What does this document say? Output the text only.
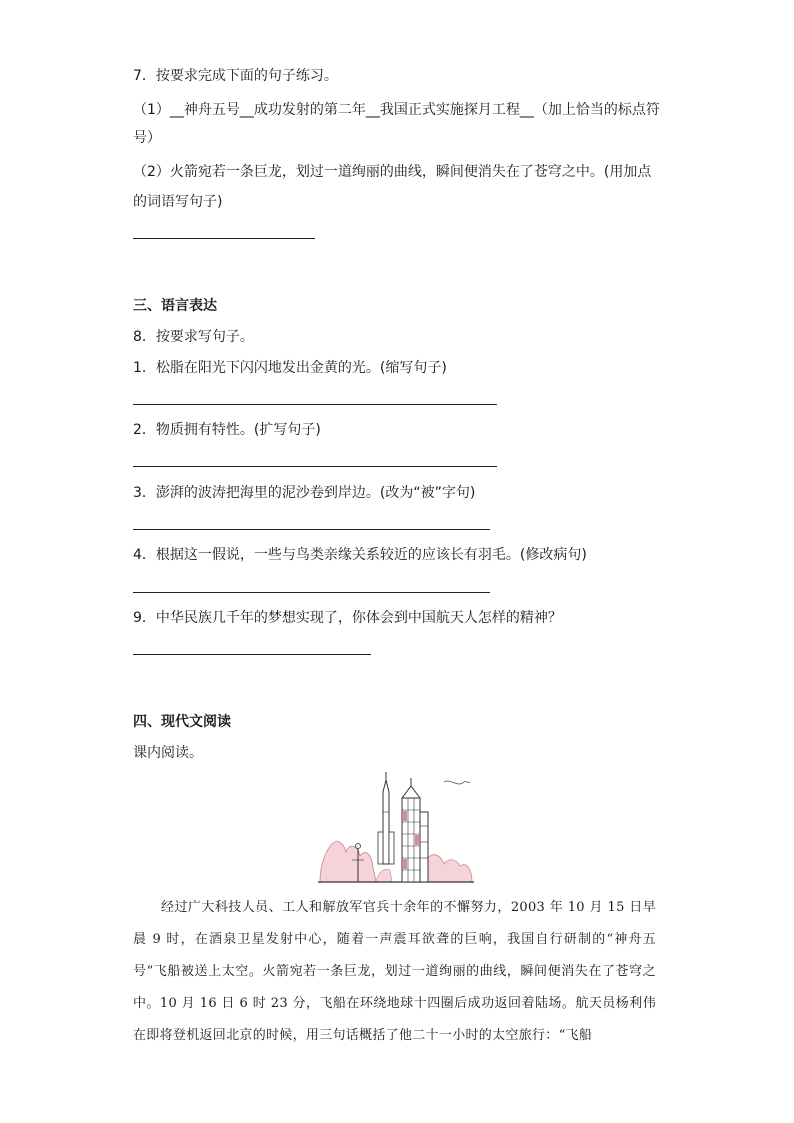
7．按要求完成下面的句子练习。
（1）__神舟五号__成功发射的第二年__我国正式实施探月工程__（加上恰当的标点符
号）
（2）火箭宛若一条巨龙，划过一道绚丽的曲线，瞬间便消失在了苍穹之中。(用加点
的词语写句子)
三、语言表达
8．按要求写句子。
1．松脂在阳光下闪闪地发出金黄的光。(缩写句子)
2．物质拥有特性。(扩写句子)
3．澎湃的波涛把海里的泥沙卷到岸边。(改为“被”字句)
4．根据这一假说，一些与鸟类亲缘关系较近的应该长有羽毛。(修改病句)
9．中华民族几千年的梦想实现了，你体会到中国航天人怎样的精神？
四、现代文阅读
课内阅读。

经过广大科技人员、工人和解放军官兵十余年的不懈努力，2003 年 10 月 15 日早晨 9 时，在酒泉卫星发射中心，随着一声震耳欲聋的巨响，我国自行研制的“神舟五号”飞船被送上太空。火箭宛若一条巨龙，划过一道绚丽的曲线，瞬间便消失在了苍穹之中。10 月 16 日 6 时 23 分，飞船在环绕地球十四圈后成功返回着陆场。航天员杨利伟在即将登机返回北京的时候，用三句话概括了他二十一小时的太空旅行：“飞船
